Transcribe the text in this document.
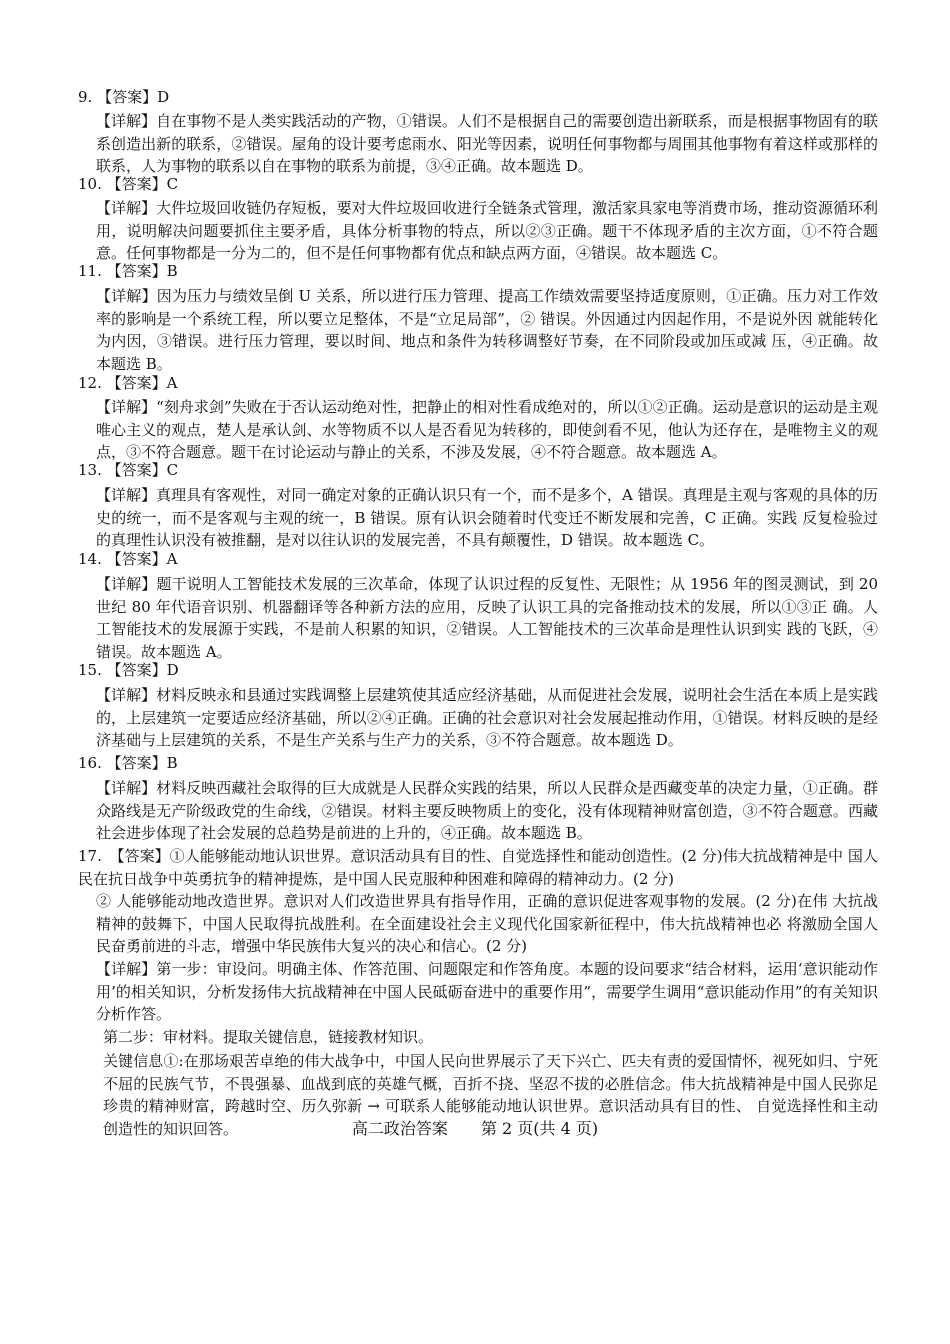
9. 【答案】D
【详解】自在事物不是人类实践活动的产物，①错误。人们不是根据自己的需要创造出新联系，而是根据事物固有的联系创造出新的联系，②错误。屋角的设计要考虑雨水、阳光等因素，说明任何事物都与周围其他事物有着这样或那样的联系，人为事物的联系以自在事物的联系为前提，③④正确。故本题选 D。
10. 【答案】C
【详解】大件垃圾回收链仍存短板，要对大件垃圾回收进行全链条式管理，激活家具家电等消费市场，推动资源循环利用，说明解决问题要抓住主要矛盾，具体分析事物的特点，所以②③正确。题干不体现矛盾的主次方面，①不符合题意。任何事物都是一分为二的，但不是任何事物都有优点和缺点两方面，④错误。故本题选 C。
11. 【答案】B
【详解】因为压力与绩效呈倒 U 关系，所以进行压力管理、提高工作绩效需要坚持适度原则，①正确。压力对工作效率的影响是一个系统工程，所以要立足整体，不是“立足局部”，② 错误。外因通过内因起作用，不是说外因 就能转化为内因，③错误。进行压力管理，要以时间、地点和条件为转移调整好节奏，在不同阶段或加压或减 压，④正确。故本题选 B。
12. 【答案】A
【详解】“刻舟求剑”失败在于否认运动绝对性，把静止的相对性看成绝对的，所以①②正确。运动是意识的运动是主观唯心主义的观点，楚人是承认剑、水等物质不以人是否看见为转移的，即使剑看不见，他认为还存在，是唯物主义的观点，③不符合题意。题干在讨论运动与静止的关系，不涉及发展，④不符合题意。故本题选 A。
13. 【答案】C
【详解】真理具有客观性，对同一确定对象的正确认识只有一个，而不是多个，A 错误。真理是主观与客观的具体的历史的统一，而不是客观与主观的统一，B 错误。原有认识会随着时代变迁不断发展和完善，C 正确。实践 反复检验过的真理性认识没有被推翻，是对以往认识的发展完善，不具有颠覆性，D 错误。故本题选 C。
14. 【答案】A
【详解】题干说明人工智能技术发展的三次革命，体现了认识过程的反复性、无限性；从 1956 年的图灵测试，到 20 世纪 80 年代语音识别、机器翻译等各种新方法的应用，反映了认识工具的完备推动技术的发展，所以①③正 确。人工智能技术的发展源于实践，不是前人积累的知识，②错误。人工智能技术的三次革命是理性认识到实 践的飞跃，④错误。故本题选 A。
15. 【答案】D
【详解】材料反映永和县通过实践调整上层建筑使其适应经济基础，从而促进社会发展，说明社会生活在本质上是实践的，上层建筑一定要适应经济基础，所以②④正确。正确的社会意识对社会发展起推动作用，①错误。材料反映的是经济基础与上层建筑的关系，不是生产关系与生产力的关系，③不符合题意。故本题选 D。
16. 【答案】B
【详解】材料反映西藏社会取得的巨大成就是人民群众实践的结果，所以人民群众是西藏变革的决定力量，①正确。群众路线是无产阶级政党的生命线，②错误。材料主要反映物质上的变化，没有体现精神财富创造，③不符合题意。西藏社会进步体现了社会发展的总趋势是前进的上升的，④正确。故本题选 B。
17.　【答案】①人能够能动地认识世界。意识活动具有目的性、自觉选择性和能动创造性。(2 分)伟大抗战精神是中 国人民在抗日战争中英勇抗争的精神提炼，是中国人民克服种种困难和障碍的精神动力。(2 分)
② 人能够能动地改造世界。意识对人们改造世界具有指导作用，正确的意识促进客观事物的发展。(2 分)在伟 大抗战精神的鼓舞下，中国人民取得抗战胜利。在全面建设社会主义现代化国家新征程中，伟大抗战精神也必 将激励全国人民奋勇前进的斗志，增强中华民族伟大复兴的决心和信心。(2 分)
【详解】第一步：审设问。明确主体、作答范围、问题限定和作答角度。本题的设问要求“结合材料，运用‘意识能动作用’的相关知识，分析发扬伟大抗战精神在中国人民砥砺奋进中的重要作用”，需要学生调用“意识能动作用”的有关知识分析作答。
第二步：审材料。提取关键信息，链接教材知识。
关键信息①:在那场艰苦卓绝的伟大战争中，中国人民向世界展示了天下兴亡、匹夫有责的爱国情怀，视死如归、宁死不屈的民族气节，不畏强暴、血战到底的英雄气概，百折不挠、坚忍不拔的必胜信念。伟大抗战精神是中国人民弥足珍贵的精神财富，跨越时空、历久弥新 → 可联系人能够能动地认识世界。意识活动具有目的性、 自觉选择性和主动创造性的知识回答。	高二政治答案 第 2 页(共 4 页)
